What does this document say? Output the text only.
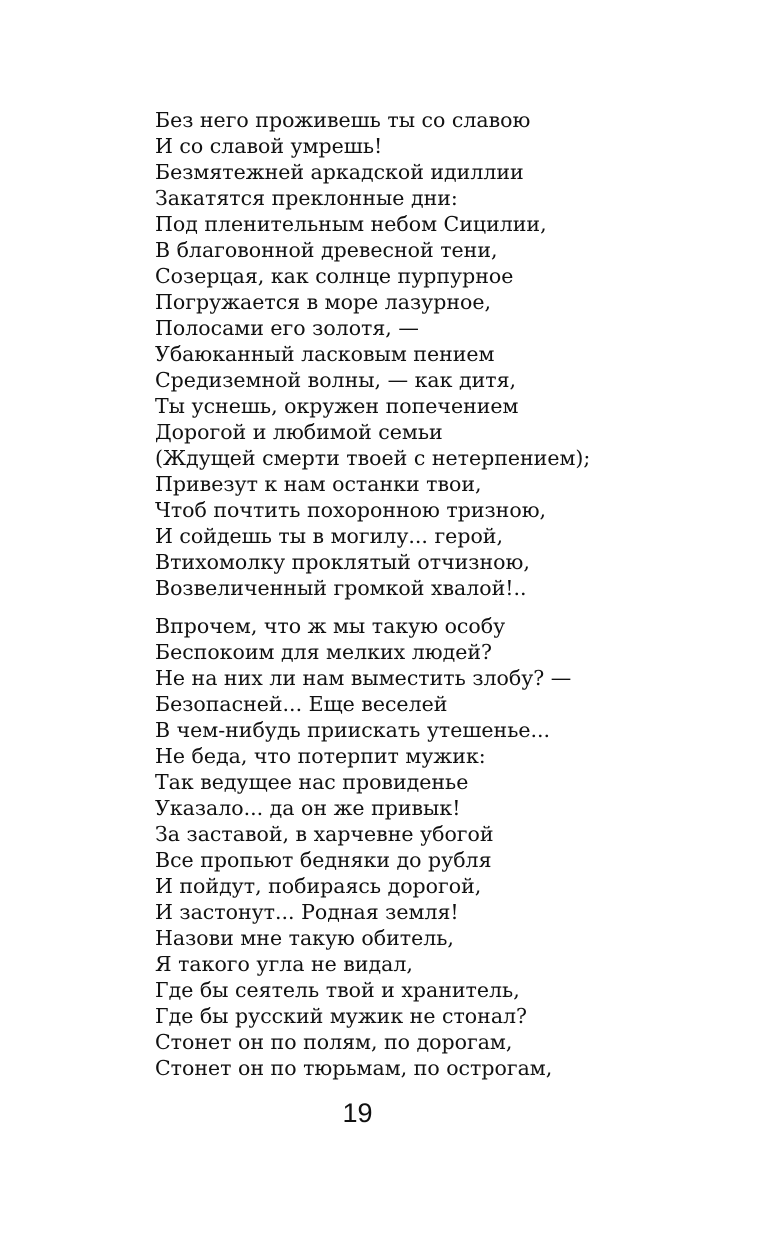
Без него проживешь ты со славою
И со славой умрешь!
Безмятежней аркадской идиллии
Закатятся преклонные дни:
Под пленительным небом Сицилии,
В благовонной древесной тени,
Созерцая, как солнце пурпурное
Погружается в море лазурное,
Полосами его золотя, —
Убаюканный ласковым пением
Средиземной волны, — как дитя,
Ты уснешь, окружен попечением
Дорогой и любимой семьи
(Ждущей смерти твоей с нетерпением);
Привезут к нам останки твои,
Чтоб почтить похоронною тризною,
И сойдешь ты в могилу... герой,
Втихомолку проклятый отчизною,
Возвеличенный громкой хвалой!..
Впрочем, что ж мы такую особу
Беспокоим для мелких людей?
Не на них ли нам выместить злобу? —
Безопасней... Еще веселей
В чем-нибудь приискать утешенье...
Не беда, что потерпит мужик:
Так ведущее нас провиденье
Указало... да он же привык!
За заставой, в харчевне убогой
Все пропьют бедняки до рубля
И пойдут, побираясь дорогой,
И застонут... Родная земля!
Назови мне такую обитель,
Я такого угла не видал,
Где бы сеятель твой и хранитель,
Где бы русский мужик не стонал?
Стонет он по полям, по дорогам,
Стонет он по тюрьмам, по острогам,
19
